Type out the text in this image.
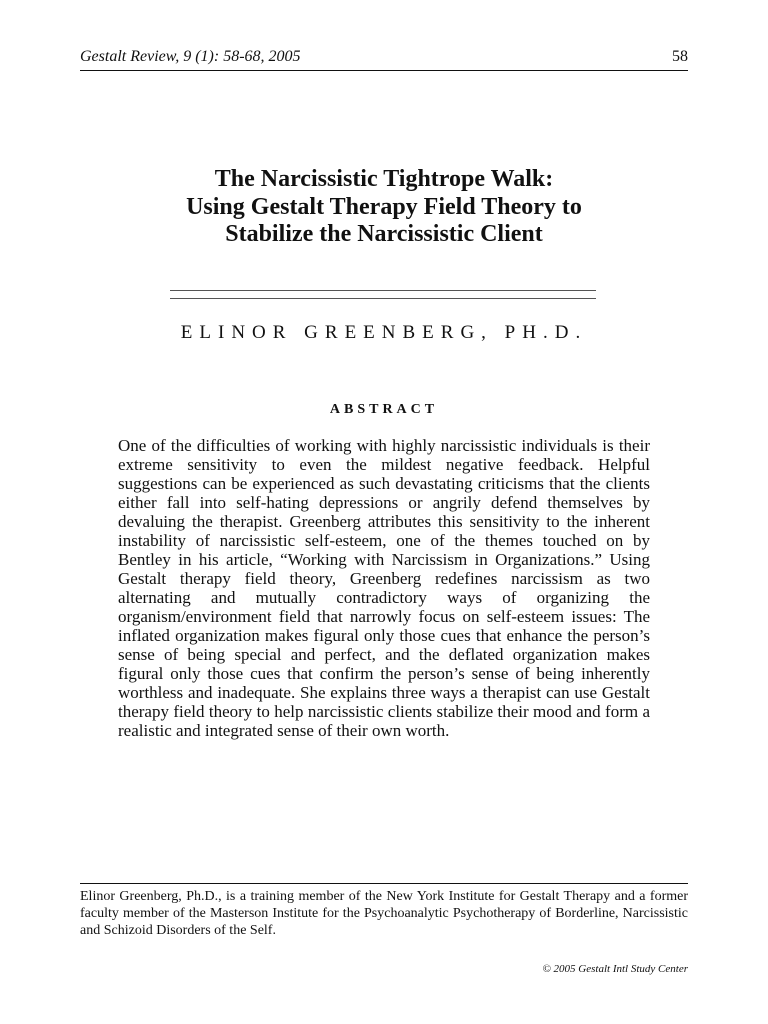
Gestalt Review, 9 (1): 58-68, 2005	58
The Narcissistic Tightrope Walk:
Using Gestalt Therapy Field Theory to
Stabilize the Narcissistic Client
ELINOR GREENBERG, PH.D.
ABSTRACT
One of the difficulties of working with highly narcissistic individuals is their extreme sensitivity to even the mildest negative feedback. Helpful suggestions can be experienced as such devastating criticisms that the clients either fall into self-hating depressions or angrily defend themselves by devaluing the therapist. Greenberg attributes this sensitivity to the inherent instability of narcissistic self-esteem, one of the themes touched on by Bentley in his article, “Working with Narcissism in Organizations.” Using Gestalt therapy field theory, Greenberg redefines narcissism as two alternating and mutually contradictory ways of organizing the organism/environment field that narrowly focus on self-esteem issues: The inflated organization makes figural only those cues that enhance the person’s sense of being special and perfect, and the deflated organization makes figural only those cues that confirm the person’s sense of being inherently worthless and inadequate. She explains three ways a therapist can use Gestalt therapy field theory to help narcissistic clients stabilize their mood and form a realistic and integrated sense of their own worth.
Elinor Greenberg, Ph.D., is a training member of the New York Institute for Gestalt Therapy and a former faculty member of the Masterson Institute for the Psychoanalytic Psychotherapy of Borderline, Narcissistic and Schizoid Disorders of the Self.
© 2005 Gestalt Intl Study Center
